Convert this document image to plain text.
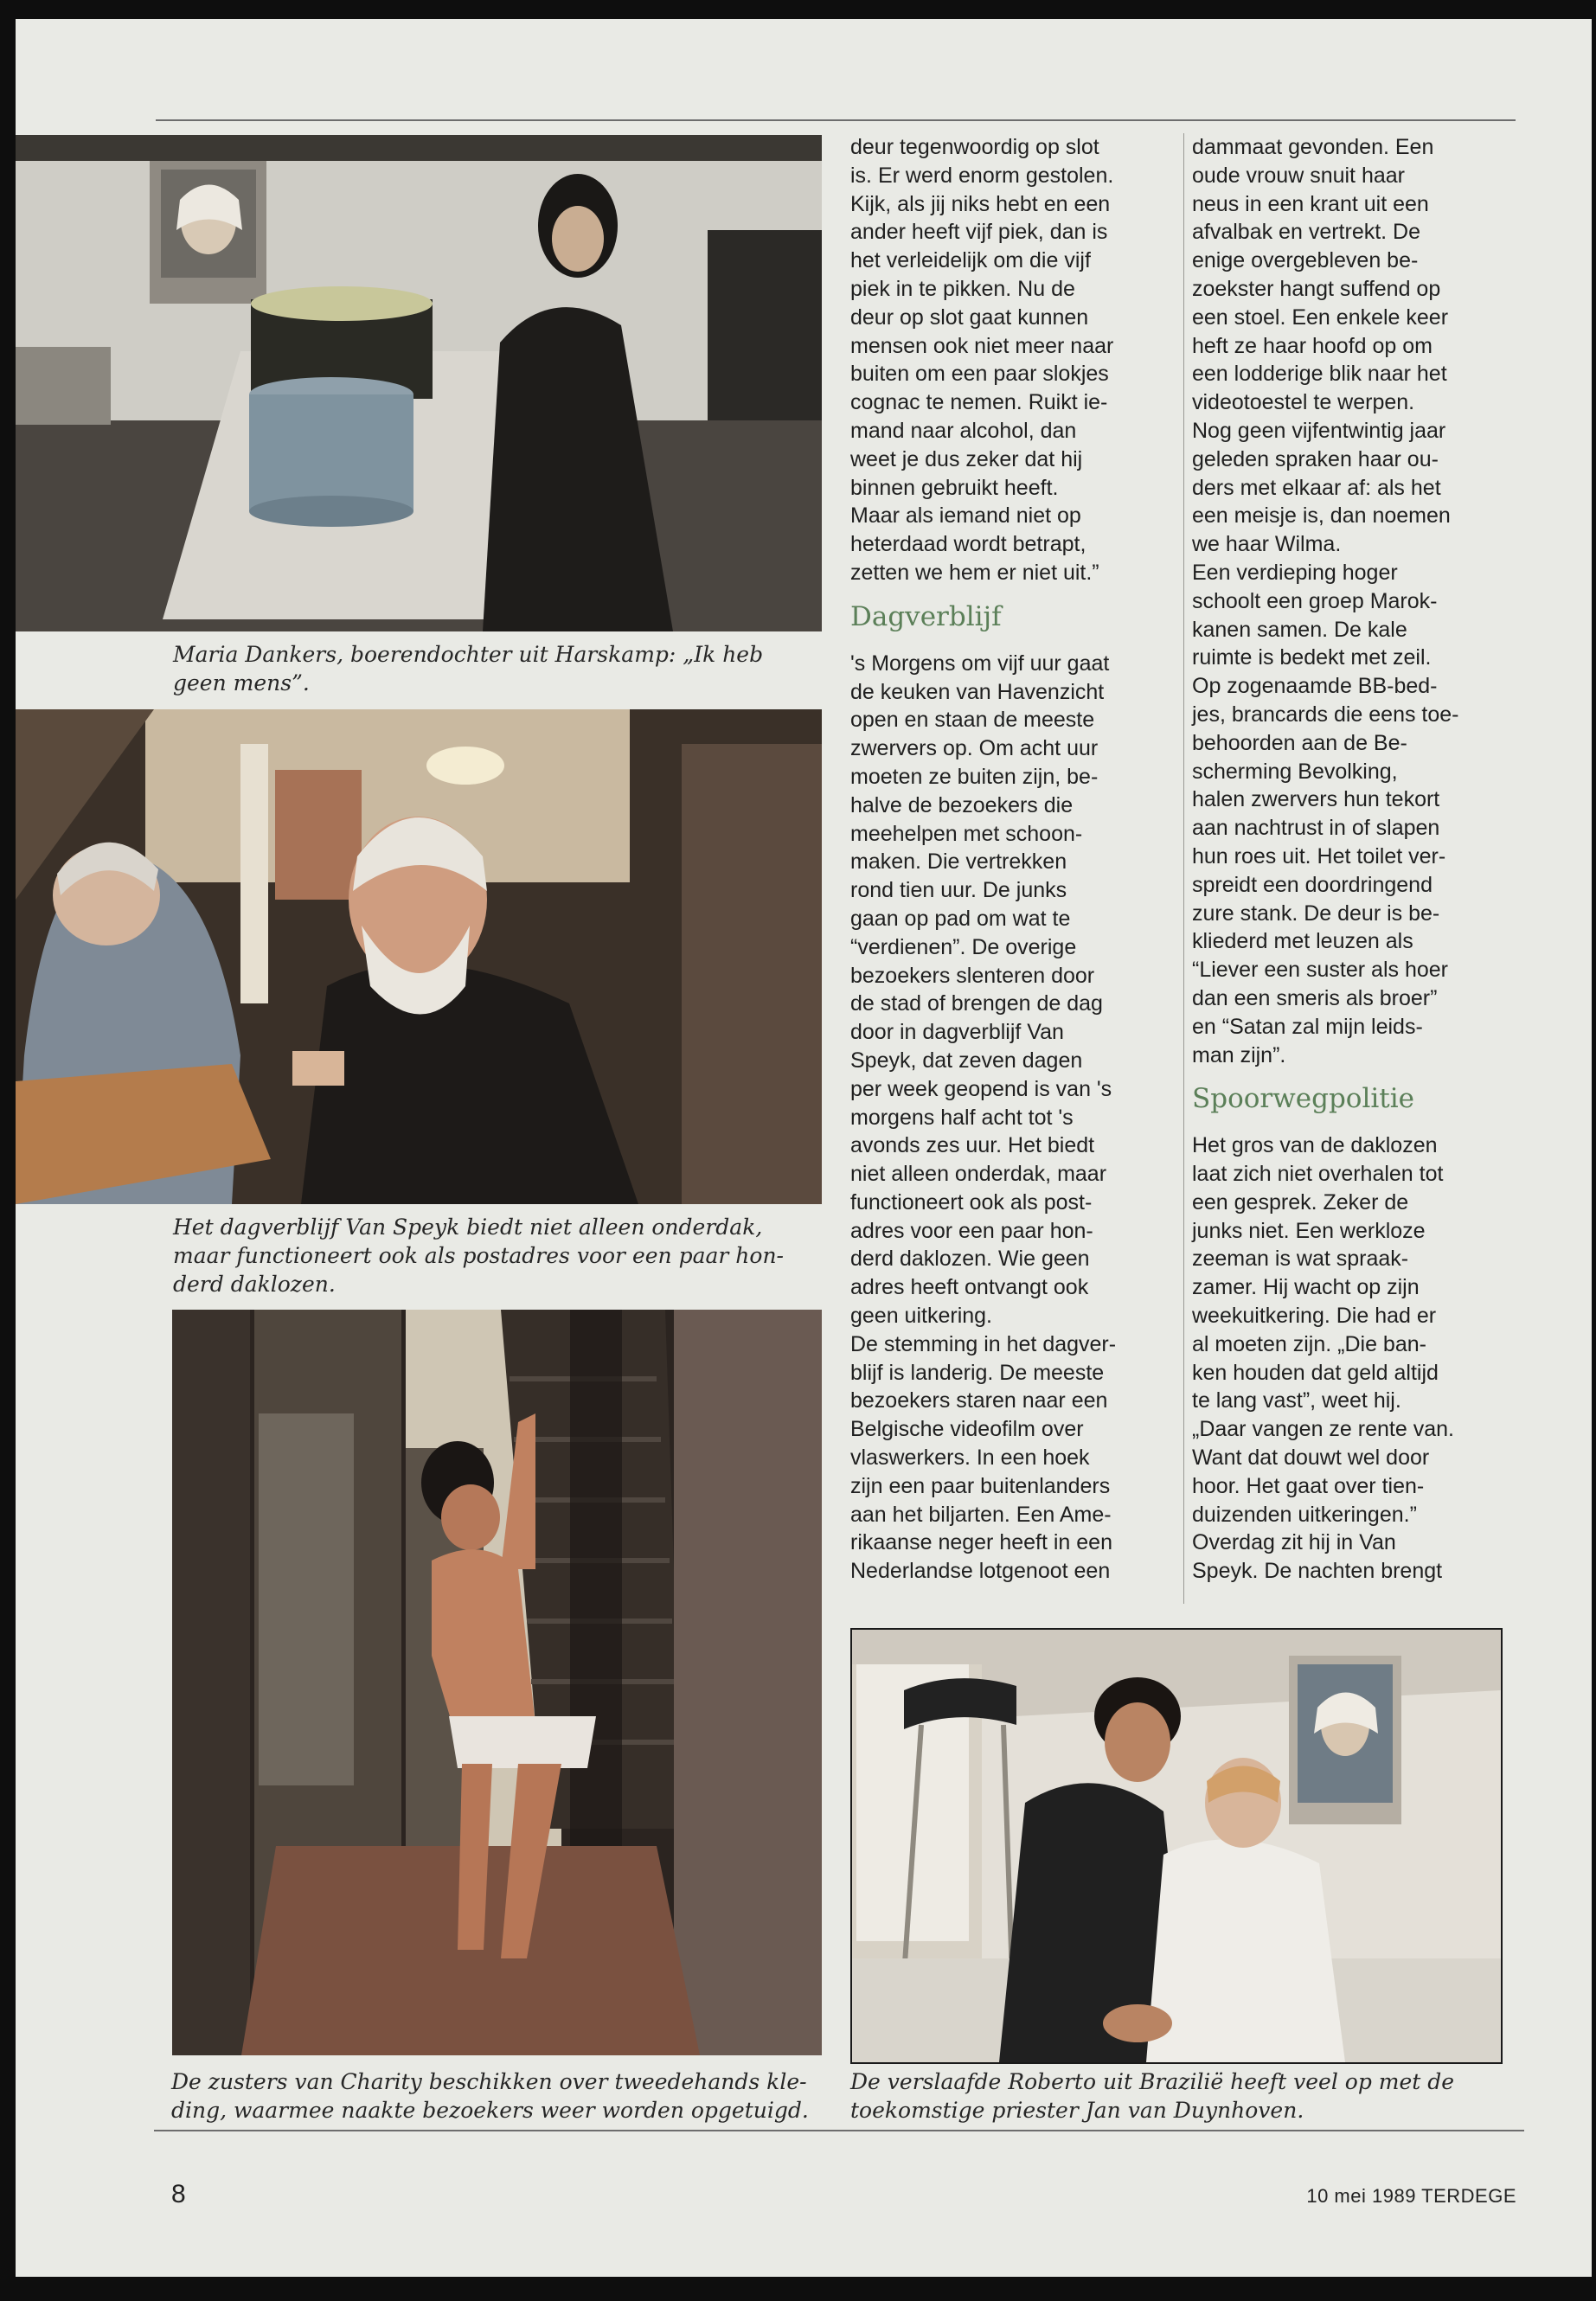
Maria Dankers, boerendochter uit Harskamp: „Ik heb
geen mens”.
Het dagverblijf Van Speyk biedt niet alleen onderdak,
maar functioneert ook als postadres voor een paar hon-
derd daklozen.
De zusters van Charity beschikken over tweedehands kle-
ding, waarmee naakte bezoekers weer worden opgetuigd.

deur tegenwoordig op slot
is. Er werd enorm gestolen.
Kijk, als jij niks hebt en een
ander heeft vijf piek, dan is
het verleidelijk om die vijf
piek in te pikken. Nu de
deur op slot gaat kunnen
mensen ook niet meer naar
buiten om een paar slokjes
cognac te nemen. Ruikt ie-
mand naar alcohol, dan
weet je dus zeker dat hij
binnen gebruikt heeft.
Maar als iemand niet op
heterdaad wordt betrapt,
zetten we hem er niet uit.”

Dagverblijf

's Morgens om vijf uur gaat
de keuken van Havenzicht
open en staan de meeste
zwervers op. Om acht uur
moeten ze buiten zijn, be-
halve de bezoekers die
meehelpen met schoon-
maken. Die vertrekken
rond tien uur. De junks
gaan op pad om wat te
“verdienen”. De overige
bezoekers slenteren door
de stad of brengen de dag
door in dagverblijf Van
Speyk, dat zeven dagen
per week geopend is van 's
morgens half acht tot 's
avonds zes uur. Het biedt
niet alleen onderdak, maar
functioneert ook als post-
adres voor een paar hon-
derd daklozen. Wie geen
adres heeft ontvangt ook
geen uitkering.

De stemming in het dagver-
blijf is landerig. De meeste
bezoekers staren naar een
Belgische videofilm over
vlaswerkers. In een hoek
zijn een paar buitenlanders
aan het biljarten. Een Ame-
rikaanse neger heeft in een
Nederlandse lotgenoot een

dammaat gevonden. Een
oude vrouw snuit haar
neus in een krant uit een
afvalbak en vertrekt. De
enige overgebleven be-
zoekster hangt suffend op
een stoel. Een enkele keer
heft ze haar hoofd op om
een lodderige blik naar het
videotoestel te werpen.
Nog geen vijfentwintig jaar
geleden spraken haar ou-
ders met elkaar af: als het
een meisje is, dan noemen
we haar Wilma.

Een verdieping hoger
schoolt een groep Marok-
kanen samen. De kale
ruimte is bedekt met zeil.
Op zogenaamde BB-bed-
jes, brancards die eens toe-
behoorden aan de Be-
scherming Bevolking,
halen zwervers hun tekort
aan nachtrust in of slapen
hun roes uit. Het toilet ver-
spreidt een doordringend
zure stank. De deur is be-
kliederd met leuzen als
“Liever een suster als hoer
dan een smeris als broer”
en “Satan zal mijn leids-
man zijn”.

Spoorwegpolitie

Het gros van de daklozen
laat zich niet overhalen tot
een gesprek. Zeker de
junks niet. Een werkloze
zeeman is wat spraak-
zamer. Hij wacht op zijn
weekuitkering. Die had er
al moeten zijn. „Die ban-
ken houden dat geld altijd
te lang vast”, weet hij.
„Daar vangen ze rente van.
Want dat douwt wel door
hoor. Het gaat over tien-
duizenden uitkeringen.”
Overdag zit hij in Van
Speyk. De nachten brengt

De verslaafde Roberto uit Brazilië heeft veel op met de
toekomstige priester Jan van Duynhoven.
8	10 mei 1989 TERDEGE
